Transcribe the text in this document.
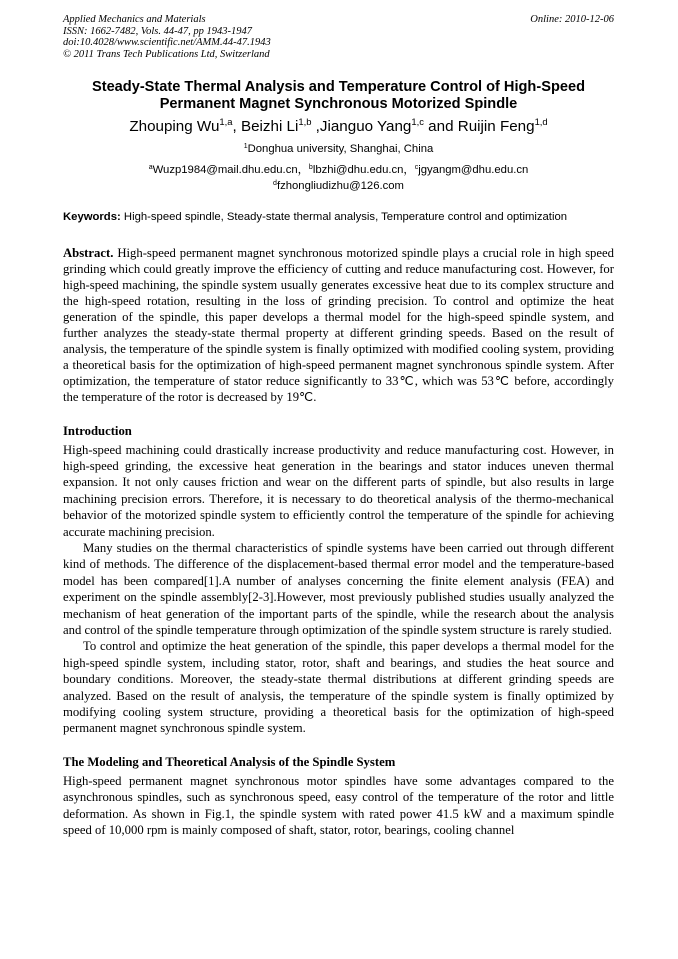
Applied Mechanics and Materials
ISSN: 1662-7482, Vols. 44-47, pp 1943-1947
doi:10.4028/www.scientific.net/AMM.44-47.1943
© 2011 Trans Tech Publications Ltd, Switzerland
Online: 2010-12-06
Steady-State Thermal Analysis and Temperature Control of High-Speed
Permanent Magnet Synchronous Motorized Spindle
Zhouping Wu$^{1,a}$, Beizhi Li$^{1,b}$ ,Jianguo Yang$^{1,c}$ and Ruijin Feng$^{1,d}$
$^1$Donghua university, Shanghai, China
$^a$Wuzp1984@mail.dhu.edu.cn，$^b$lbzhi@dhu.edu.cn，$^c$jgyangm@dhu.edu.cn
$^d$fzhongliudizhu@126.com
Keywords: High-speed spindle, Steady-state thermal analysis, Temperature control and optimization
Abstract. High-speed permanent magnet synchronous motorized spindle plays a crucial role in high speed grinding which could greatly improve the efficiency of cutting and reduce manufacturing cost. However, for high-speed machining, the spindle system usually generates excessive heat due to its complex structure and the high-speed rotation, resulting in the loss of grinding precision. To control and optimize the heat generation of the spindle, this paper develops a thermal model for the high-speed spindle system, and further analyzes the steady-state thermal property at different grinding speeds. Based on the result of analysis, the temperature of the spindle system is finally optimized with modified cooling system, providing a theoretical basis for the optimization of high-speed permanent magnet synchronous spindle system. After optimization, the temperature of stator reduce significantly to 33℃, which was 53℃ before, accordingly the temperature of the rotor is decreased by 19℃.
Introduction

High-speed machining could drastically increase productivity and reduce manufacturing cost. However, in high-speed grinding, the excessive heat generation in the bearings and stator induces uneven thermal expansion. It not only causes friction and wear on the different parts of spindle, but also results in large machining precision errors. Therefore, it is necessary to do theoretical analysis of the thermo-mechanical behavior of the motorized spindle system to efficiently control the temperature of the spindle for achieving accurate machining precision.

Many studies on the thermal characteristics of spindle systems have been carried out through different kind of methods. The difference of the displacement-based thermal error model and the temperature-based model has been compared[1].A number of analyses concerning the finite element analysis (FEA) and experiment on the spindle assembly[2-3].However, most previously published studies usually analyzed the mechanism of heat generation of the important parts of the spindle, while the research about the analysis and control of the spindle temperature through optimization of the spindle system structure is rarely studied.

To control and optimize the heat generation of the spindle, this paper develops a thermal model for the high-speed spindle system, including stator, rotor, shaft and bearings, and studies the heat source and boundary conditions. Moreover, the steady-state thermal distributions at different grinding speeds are analyzed. Based on the result of analysis, the temperature of the spindle system is finally optimized by modifying cooling system structure, providing a theoretical basis for the optimization of high-speed permanent magnet synchronous spindle system.

The Modeling and Theoretical Analysis of the Spindle System

High-speed permanent magnet synchronous motor spindles have some advantages compared to the asynchronous spindles, such as synchronous speed, easy control of the temperature of the rotor and little deformation. As shown in Fig.1, the spindle system with rated power 41.5 kW and a maximum spindle speed of 10,000 rpm is mainly composed of shaft, stator, rotor, bearings, cooling channel
